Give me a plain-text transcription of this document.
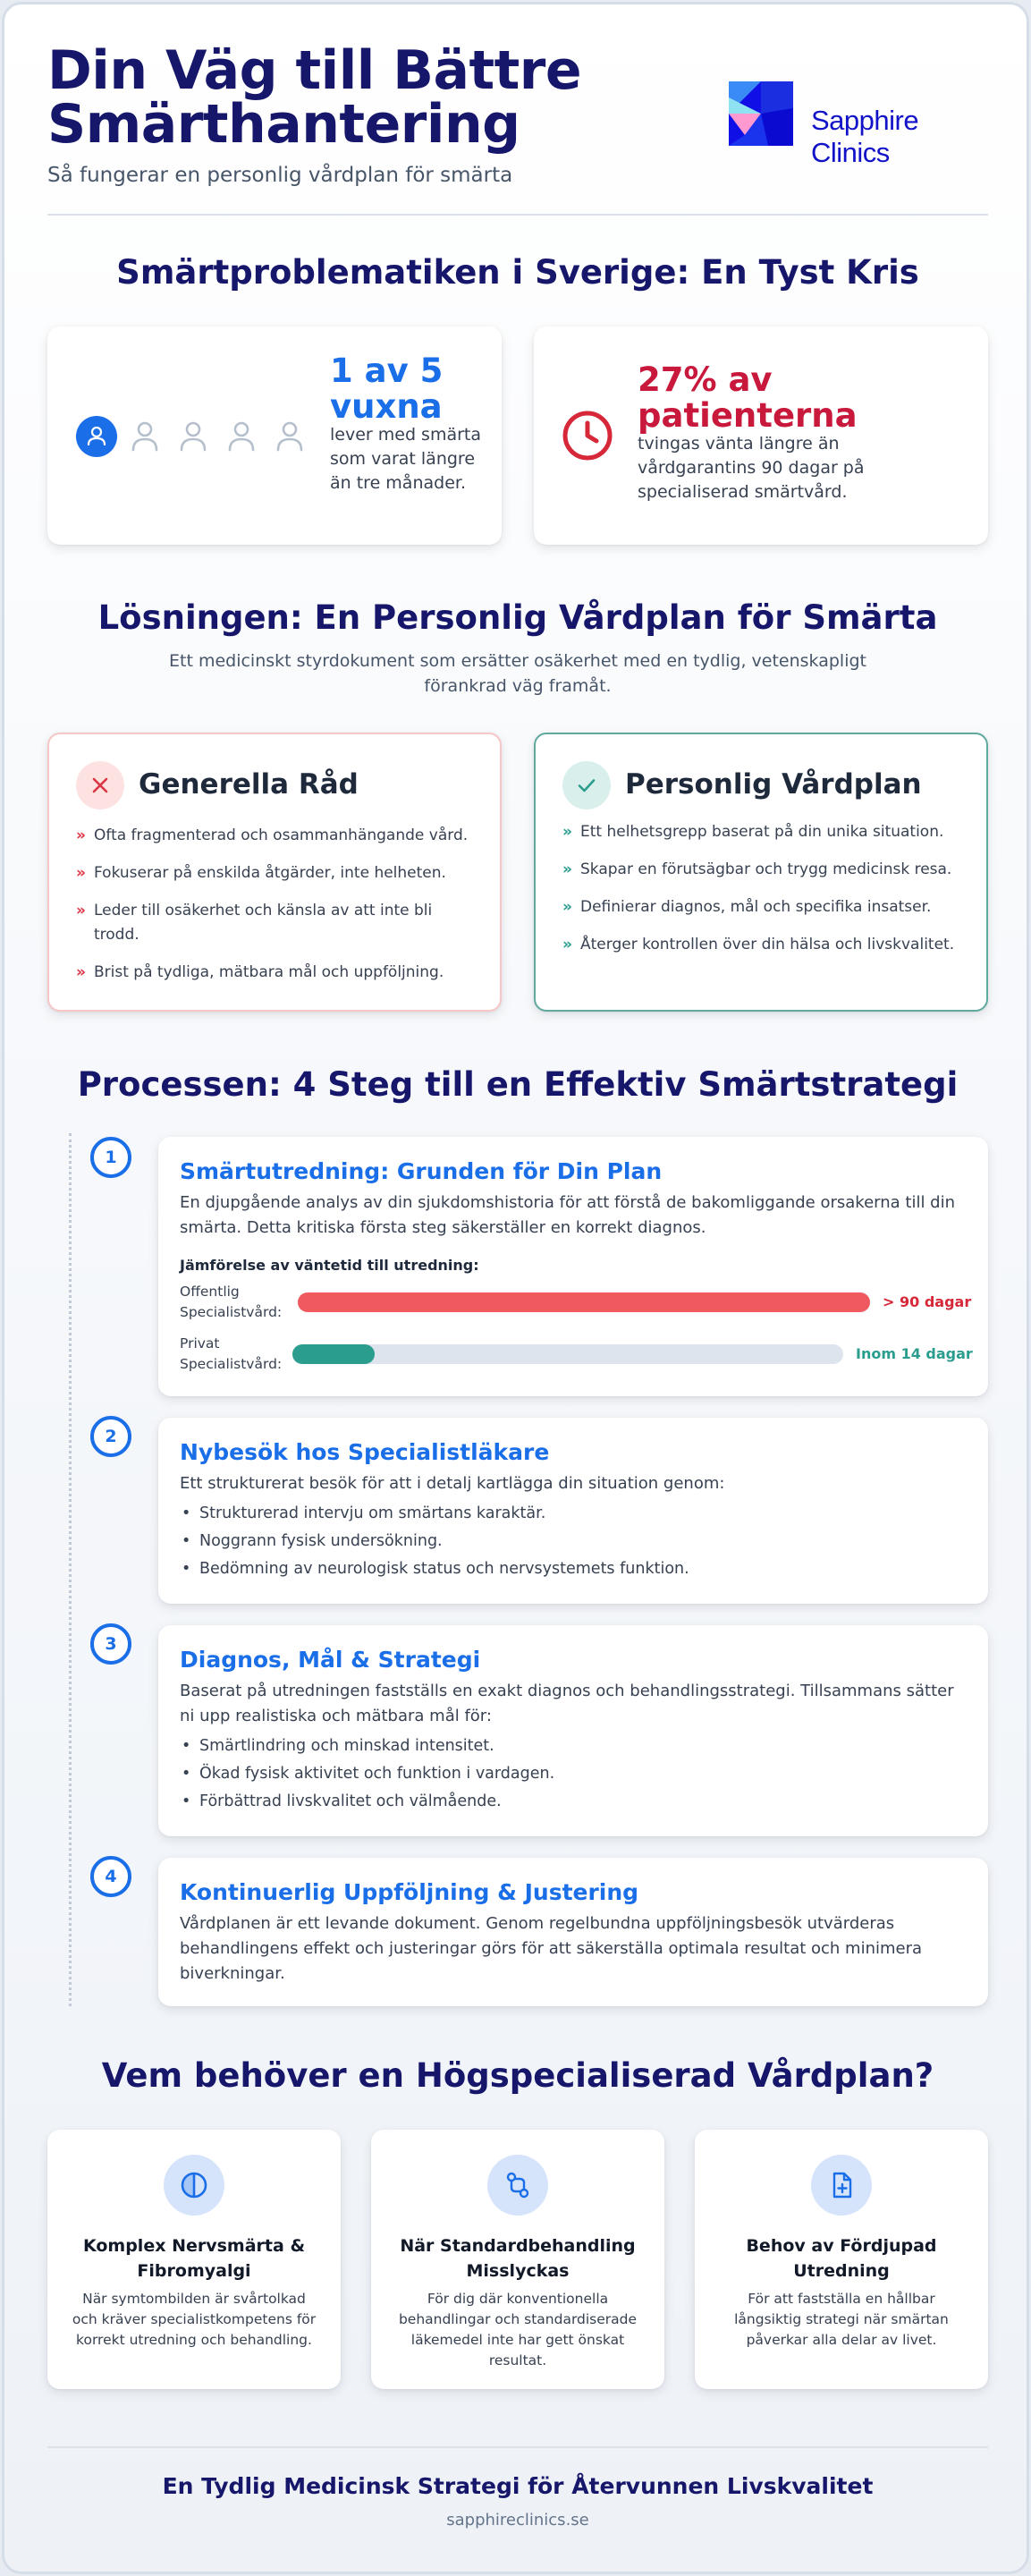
Din Väg till Bättre Smärthantering
Så fungerar en personlig vårdplan för smärta
Sapphire Clinics
Smärtproblematiken i Sverige: En Tyst Kris
1 av 5 vuxna
lever med smärta som varat längre än tre månader.
27% av patienterna
tvingas vänta längre än vårdgarantins 90 dagar på specialiserad smärtvård.
Lösningen: En Personlig Vårdplan för Smärta
Ett medicinskt styrdokument som ersätter osäkerhet med en tydlig, vetenskapligt förankrad väg framåt.
Generella Råd
» Ofta fragmenterad och osammanhängande vård.
» Fokuserar på enskilda åtgärder, inte helheten.
» Leder till osäkerhet och känsla av att inte bli trodd.
» Brist på tydliga, mätbara mål och uppföljning.
Personlig Vårdplan
» Ett helhetsgrepp baserat på din unika situation.
» Skapar en förutsägbar och trygg medicinsk resa.
» Definierar diagnos, mål och specifika insatser.
» Återger kontrollen över din hälsa och livskvalitet.
Processen: 4 Steg till en Effektiv Smärtstrategi
1
Smärtutredning: Grunden för Din Plan
En djupgående analys av din sjukdomshistoria för att förstå de bakomliggande orsakerna till din smärta. Detta kritiska första steg säkerställer en korrekt diagnos.
Jämförelse av väntetid till utredning:
Offentlig Specialistvård:
> 90 dagar
Privat Specialistvård:
Inom 14 dagar
2
Nybesök hos Specialistläkare
Ett strukturerat besök för att i detalj kartlägga din situation genom:
• Strukturerad intervju om smärtans karaktär.
• Noggrann fysisk undersökning.
• Bedömning av neurologisk status och nervsystemets funktion.
3
Diagnos, Mål & Strategi
Baserat på utredningen fastställs en exakt diagnos och behandlingsstrategi. Tillsammans sätter ni upp realistiska och mätbara mål för:
• Smärtlindring och minskad intensitet.
• Ökad fysisk aktivitet och funktion i vardagen.
• Förbättrad livskvalitet och välmående.
4
Kontinuerlig Uppföljning & Justering
Vårdplanen är ett levande dokument. Genom regelbundna uppföljningsbesök utvärderas behandlingens effekt och justeringar görs för att säkerställa optimala resultat och minimera biverkningar.
Vem behöver en Högspecialiserad Vårdplan?
Komplex Nervsmärta & Fibromyalgi
När symtombilden är svårtolkad och kräver specialistkompetens för korrekt utredning och behandling.
När Standardbehandling Misslyckas
För dig där konventionella behandlingar och standardiserade läkemedel inte har gett önskat resultat.
Behov av Fördjupad Utredning
För att fastställa en hållbar långsiktig strategi när smärtan påverkar alla delar av livet.
En Tydlig Medicinsk Strategi för Återvunnen Livskvalitet
sapphireclinics.se
